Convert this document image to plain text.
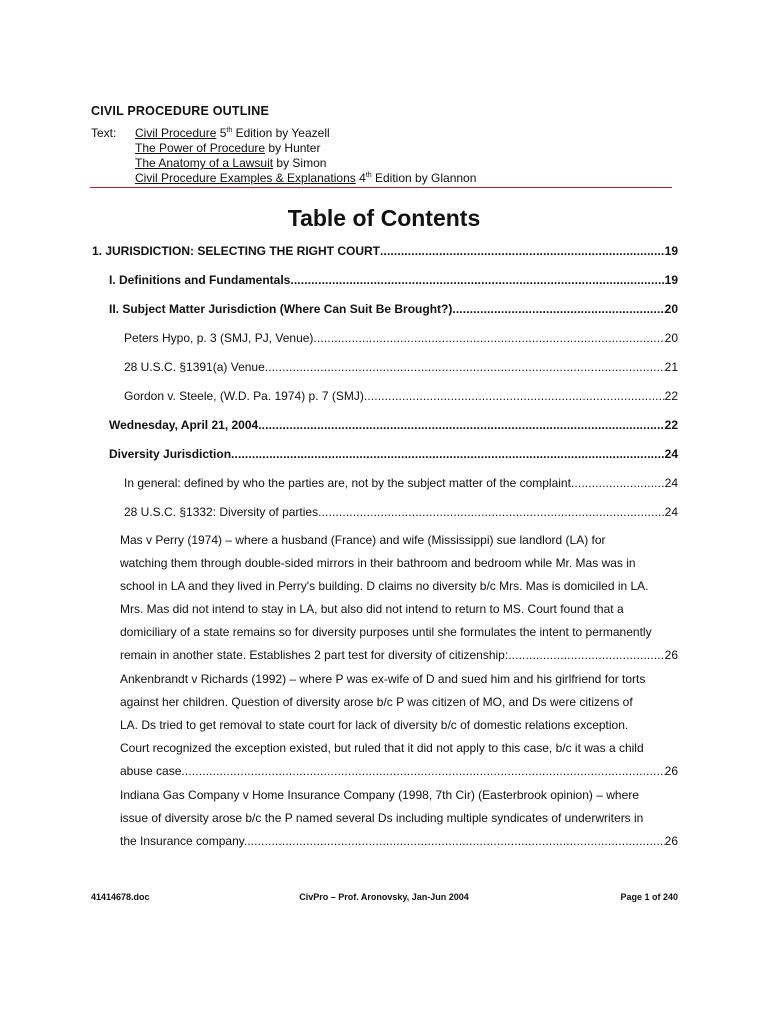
CIVIL PROCEDURE OUTLINE
Text:	Civil Procedure 5th Edition by Yeazell
The Power of Procedure by Hunter
The Anatomy of a Lawsuit by Simon
Civil Procedure Examples & Explanations 4th Edition by Glannon
Table of Contents
1. JURISDICTION: SELECTING THE RIGHT COURT . . .	19
I. Definitions and Fundamentals . . .	19
II. Subject Matter Jurisdiction (Where Can Suit Be Brought?) . . .	20
Peters Hypo, p. 3 (SMJ, PJ, Venue) . . .	20
28 U.S.C. §1391(a) Venue . . .	21
Gordon v. Steele, (W.D. Pa. 1974) p. 7 (SMJ) . . .	22
Wednesday, April 21, 2004 . . .	22
Diversity Jurisdiction . . .	24
In general: defined by who the parties are, not by the subject matter of the complaint . . .	24
28 U.S.C. §1332: Diversity of parties . . .	24
Mas v Perry (1974) – where a husband (France) and wife (Mississippi) sue landlord (LA) for
watching them through double-sided mirrors in their bathroom and bedroom while Mr. Mas was in
school in LA and they lived in Perry's building. D claims no diversity b/c Mrs. Mas is domiciled in LA.
Mrs. Mas did not intend to stay in LA, but also did not intend to return to MS. Court found that a
domiciliary of a state remains so for diversity purposes until she formulates the intent to permanently
remain in another state. Establishes 2 part test for diversity of citizenship: . . .	26
Ankenbrandt v Richards (1992) – where P was ex-wife of D and sued him and his girlfriend for torts
against her children. Question of diversity arose b/c P was citizen of MO, and Ds were citizens of
LA. Ds tried to get removal to state court for lack of diversity b/c of domestic relations exception.
Court recognized the exception existed, but ruled that it did not apply to this case, b/c it was a child
abuse case . . .	26
Indiana Gas Company v Home Insurance Company (1998, 7th Cir) (Easterbrook opinion) – where
issue of diversity arose b/c the P named several Ds including multiple syndicates of underwriters in
the Insurance company. . . .	26
41414678.doc	CivPro – Prof. Aronovsky, Jan-Jun 2004	Page 1 of 240
